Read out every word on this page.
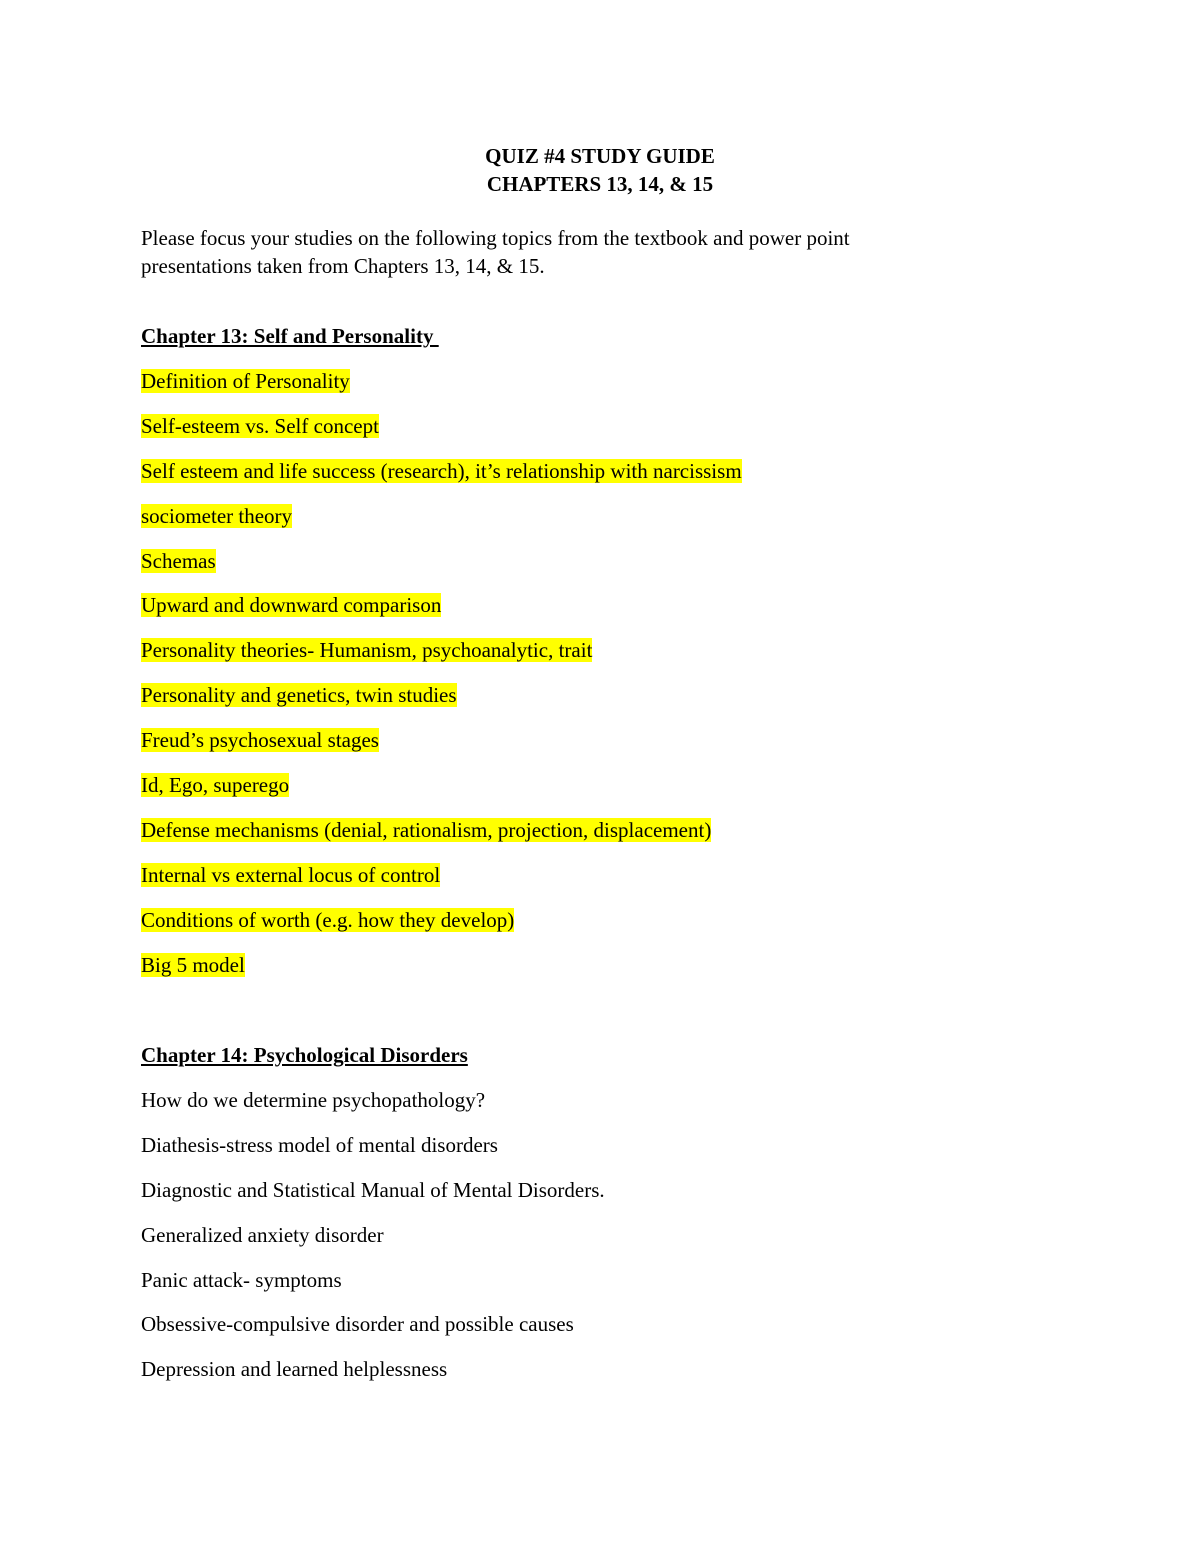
QUIZ #4 STUDY GUIDE
CHAPTERS 13, 14, & 15
Please focus your studies on the following topics from the textbook and power point
presentations taken from Chapters 13, 14, & 15.
Chapter 13: Self and Personality
Definition of Personality
Self-esteem vs. Self concept
Self esteem and life success (research), it’s relationship with narcissism
sociometer theory
Schemas
Upward and downward comparison
Personality theories- Humanism, psychoanalytic, trait
Personality and genetics, twin studies
Freud’s psychosexual stages
Id, Ego, superego
Defense mechanisms (denial, rationalism, projection, displacement)
Internal vs external locus of control
Conditions of worth (e.g. how they develop)
Big 5 model
Chapter 14: Psychological Disorders
How do we determine psychopathology?
Diathesis-stress model of mental disorders
Diagnostic and Statistical Manual of Mental Disorders.
Generalized anxiety disorder
Panic attack- symptoms
Obsessive-compulsive disorder and possible causes
Depression and learned helplessness
